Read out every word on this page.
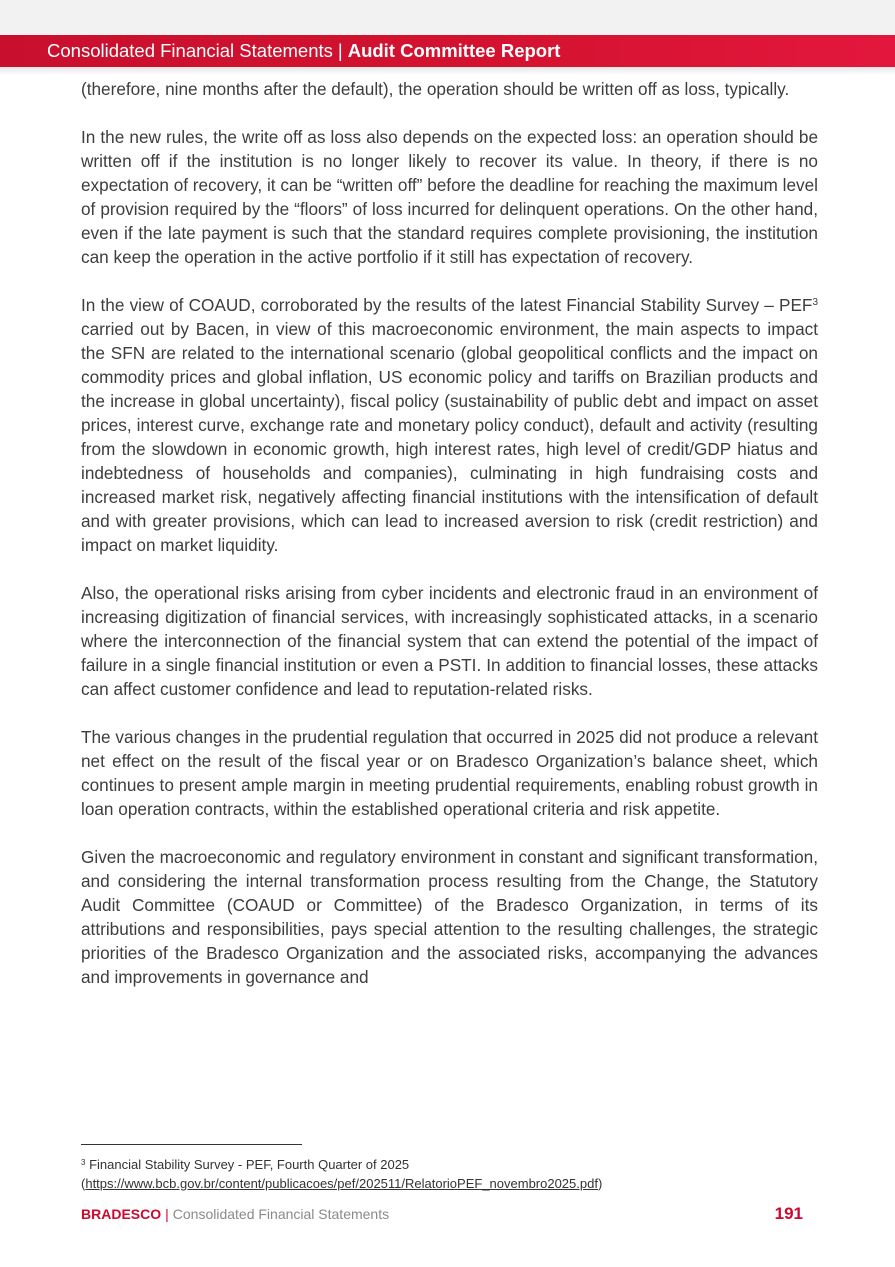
Consolidated Financial Statements | Audit Committee Report

(therefore, nine months after the default), the operation should be written off as loss, typically.

In the new rules, the write off as loss also depends on the expected loss: an operation should be written off if the institution is no longer likely to recover its value. In theory, if there is no expectation of recovery, it can be “written off” before the deadline for reaching the maximum level of provision required by the “floors” of loss incurred for delinquent operations. On the other hand, even if the late payment is such that the standard requires complete provisioning, the institution can keep the operation in the active portfolio if it still has expectation of recovery.

In the view of COAUD, corroborated by the results of the latest Financial Stability Survey – PEF$^3$ carried out by Bacen, in view of this macroeconomic environment, the main aspects to impact the SFN are related to the international scenario (global geopolitical conflicts and the impact on commodity prices and global inflation, US economic policy and tariffs on Brazilian products and the increase in global uncertainty), fiscal policy (sustainability of public debt and impact on asset prices, interest curve, exchange rate and monetary policy conduct), default and activity (resulting from the slowdown in economic growth, high interest rates, high level of credit/GDP hiatus and indebtedness of households and companies), culminating in high fundraising costs and increased market risk, negatively affecting financial institutions with the intensification of default and with greater provisions, which can lead to increased aversion to risk (credit restriction) and impact on market liquidity.

Also, the operational risks arising from cyber incidents and electronic fraud in an environment of increasing digitization of financial services, with increasingly sophisticated attacks, in a scenario where the interconnection of the financial system that can extend the potential of the impact of failure in a single financial institution or even a PSTI. In addition to financial losses, these attacks can affect customer confidence and lead to reputation-related risks.

The various changes in the prudential regulation that occurred in 2025 did not produce a relevant net effect on the result of the fiscal year or on Bradesco Organization’s balance sheet, which continues to present ample margin in meeting prudential requirements, enabling robust growth in loan operation contracts, within the established operational criteria and risk appetite.

Given the macroeconomic and regulatory environment in constant and significant transformation, and considering the internal transformation process resulting from the Change, the Statutory Audit Committee (COAUD or Committee) of the Bradesco Organization, in terms of its attributions and responsibilities, pays special attention to the resulting challenges, the strategic priorities of the Bradesco Organization and the associated risks, accompanying the advances and improvements in governance and

$^3$ Financial Stability Survey - PEF, Fourth Quarter of 2025
(https://www.bcb.gov.br/content/publicacoes/pef/202511/RelatorioPEF_novembro2025.pdf)
BRADESCO | Consolidated Financial Statements	191
